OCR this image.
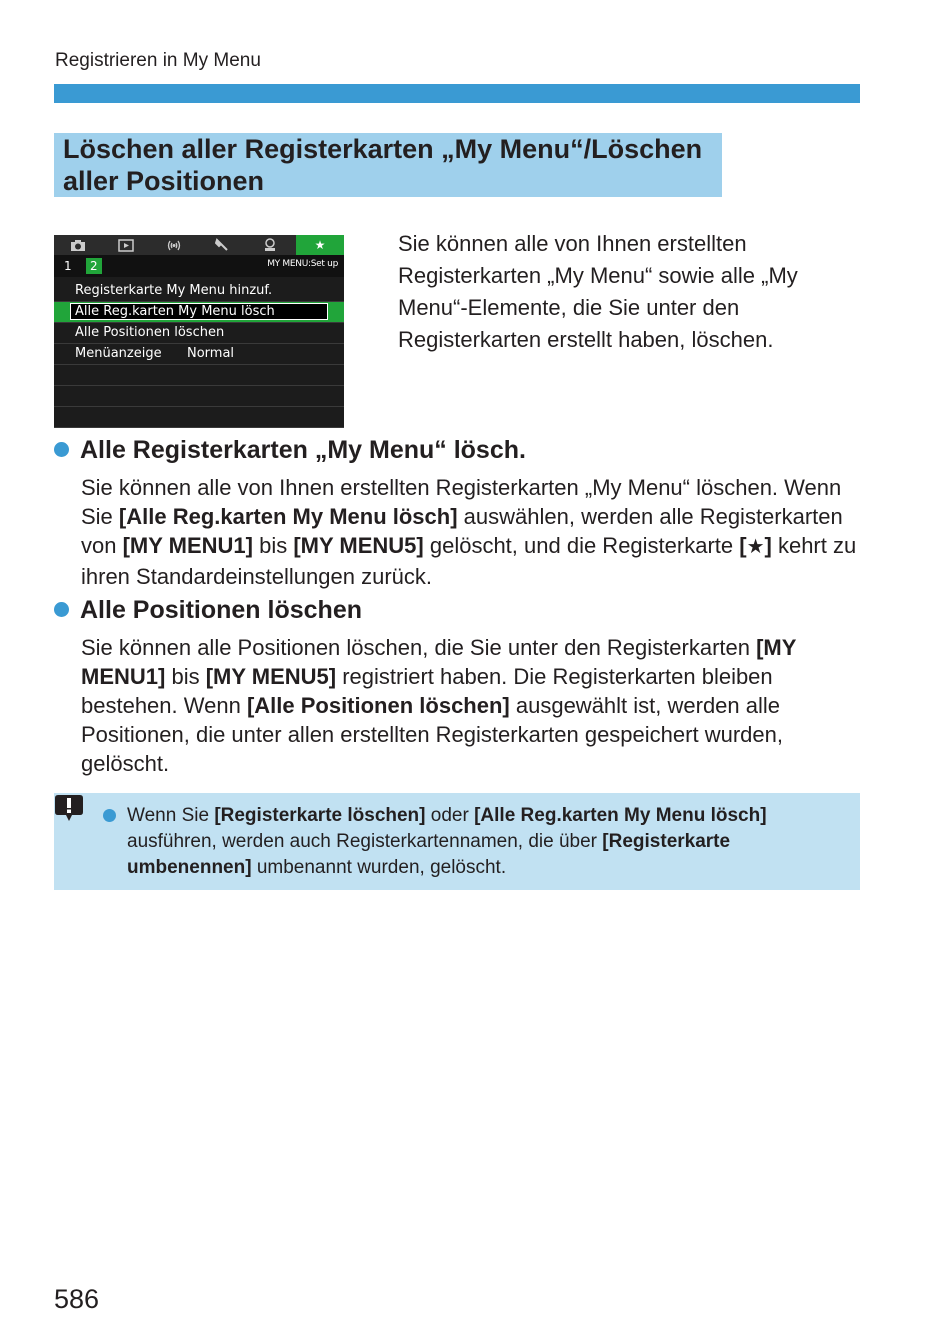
Registrieren in My Menu
Löschen aller Registerkarten „My Menu“/Löschen aller Positionen
★
1	2	MY MENU:Set up
Registerkarte My Menu hinzuf.
Alle Reg.karten My Menu lösch
Alle Positionen löschen
Menüanzeige Normal
Sie können alle von Ihnen erstellten Registerkarten „My Menu“ sowie alle „My Menu“-Elemente, die Sie unter den Registerkarten erstellt haben, löschen.
Alle Registerkarten „My Menu“ lösch.
Sie können alle von Ihnen erstellten Registerkarten „My Menu“ löschen. Wenn Sie [Alle Reg.karten My Menu lösch] auswählen, werden alle Registerkarten von [MY MENU1] bis [MY MENU5] gelöscht, und die Registerkarte [★] kehrt zu ihren Standardeinstellungen zurück.
Alle Positionen löschen
Sie können alle Positionen löschen, die Sie unter den Registerkarten [MY MENU1] bis [MY MENU5] registriert haben. Die Registerkarten bleiben bestehen. Wenn [Alle Positionen löschen] ausgewählt ist, werden alle Positionen, die unter allen erstellten Registerkarten gespeichert wurden, gelöscht.
Wenn Sie [Registerkarte löschen] oder [Alle Reg.karten My Menu lösch] ausführen, werden auch Registerkartennamen, die über [Registerkarte umbenennen] umbenannt wurden, gelöscht.
586
